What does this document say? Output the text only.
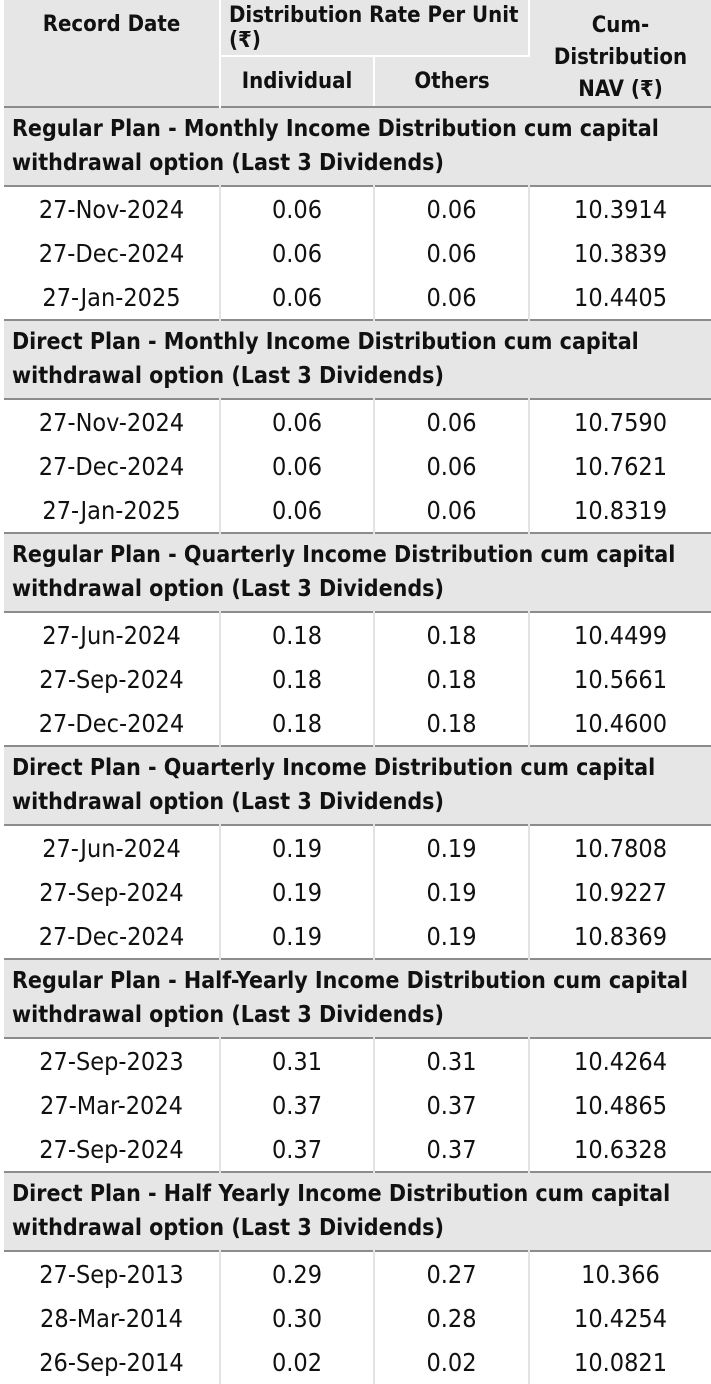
Record Date	Distribution Rate Per Unit (₹)		Cum-Distribution NAV (₹)
	Individual	Others	
Regular Plan - Monthly Income Distribution cum capital withdrawal option (Last 3 Dividends)			
27-Nov-2024	0.06	0.06	10.3914
27-Dec-2024	0.06	0.06	10.3839
27-Jan-2025	0.06	0.06	10.4405
Direct Plan - Monthly Income Distribution cum capital withdrawal option (Last 3 Dividends)			
27-Nov-2024	0.06	0.06	10.7590
27-Dec-2024	0.06	0.06	10.7621
27-Jan-2025	0.06	0.06	10.8319
Regular Plan - Quarterly Income Distribution cum capital withdrawal option (Last 3 Dividends)			
27-Jun-2024	0.18	0.18	10.4499
27-Sep-2024	0.18	0.18	10.5661
27-Dec-2024	0.18	0.18	10.4600
Direct Plan - Quarterly Income Distribution cum capital withdrawal option (Last 3 Dividends)			
27-Jun-2024	0.19	0.19	10.7808
27-Sep-2024	0.19	0.19	10.9227
27-Dec-2024	0.19	0.19	10.8369
Regular Plan - Half-Yearly Income Distribution cum capital withdrawal option (Last 3 Dividends)			
27-Sep-2023	0.31	0.31	10.4264
27-Mar-2024	0.37	0.37	10.4865
27-Sep-2024	0.37	0.37	10.6328
Direct Plan - Half Yearly Income Distribution cum capital withdrawal option (Last 3 Dividends)			
27-Sep-2013	0.29	0.27	10.366
28-Mar-2014	0.30	0.28	10.4254
26-Sep-2014	0.02	0.02	10.0821
